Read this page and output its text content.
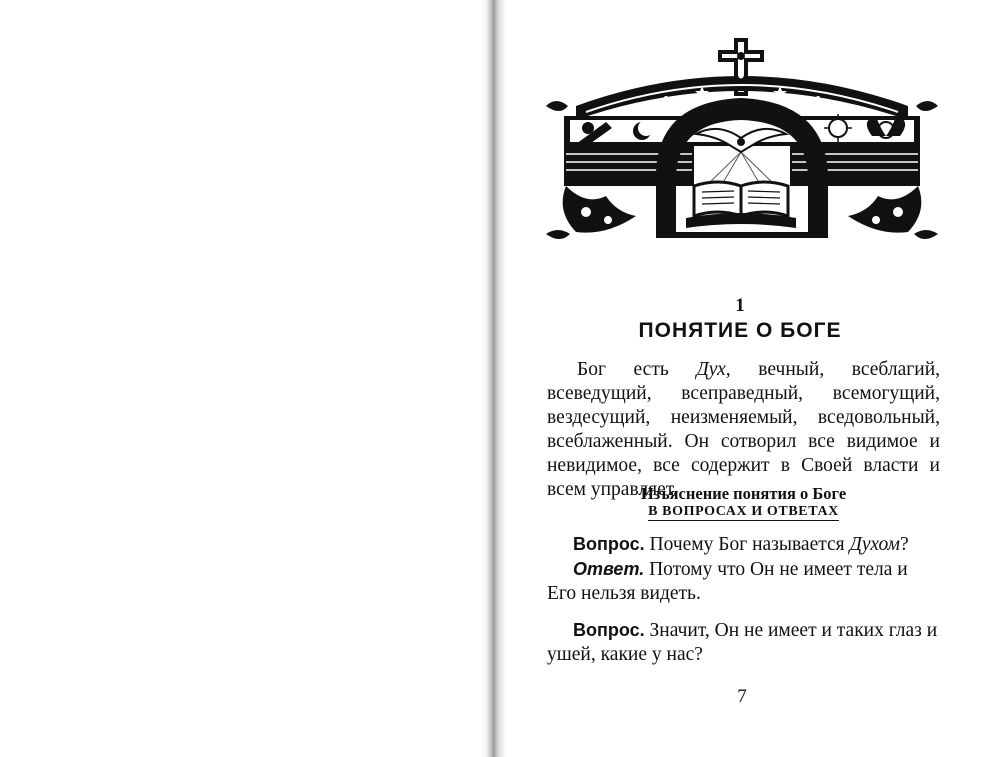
1
ПОНЯТИЕ О БОГЕ
Бог есть Дух, вечный, всеблагий, всеведущий, всеправедный, всемогущий, вездесущий, неизменяемый, вседовольный, всеблаженный. Он сотворил все видимое и невидимое, все содержит в Своей власти и всем управляет.
Изъяснение понятия о Боге
В ВОПРОСАХ И ОТВЕТАХ
Вопрос. Почему Бог называется Духом?
Ответ. Потому что Он не имеет тела и Его нельзя видеть.
Вопрос. Значит, Он не имеет и таких глаз и ушей, какие у нас?
7
